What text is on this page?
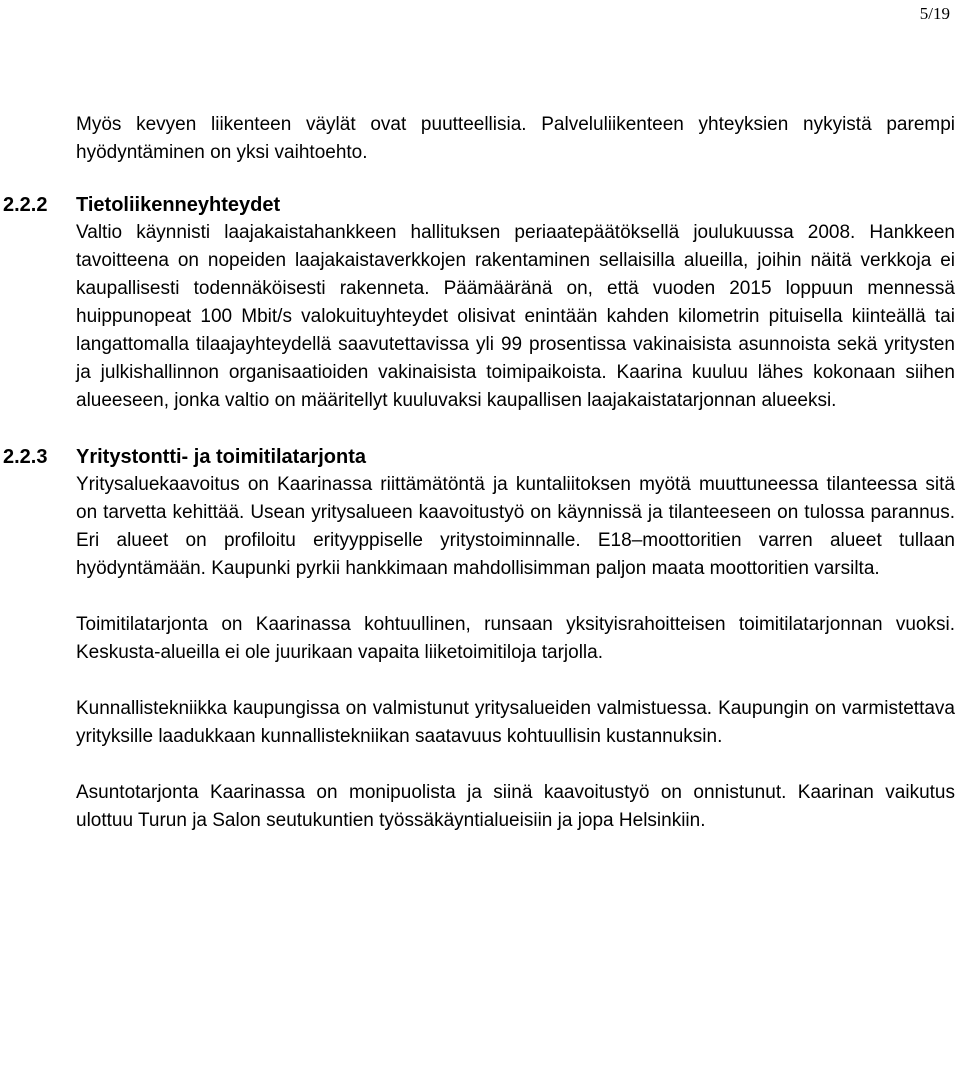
5/19

Myös kevyen liikenteen väylät ovat puutteellisia. Palveluliikenteen yhteyksien nykyistä parempi hyödyntäminen on yksi vaihtoehto.

2.2.2	Tietoliikenneyhteydet

Valtio käynnisti laajakaistahankkeen hallituksen periaatepäätöksellä joulukuussa 2008. Hankkeen tavoitteena on nopeiden laajakaistaverkkojen rakentaminen sellaisilla alueilla, joihin näitä verkkoja ei kaupallisesti todennäköisesti rakenneta. Päämääränä on, että vuoden 2015 loppuun mennessä huippunopeat 100 Mbit/s valokuituyhteydet olisivat enintään kahden kilometrin pituisella kiinteällä tai langattomalla tilaajayhteydellä saavutettavissa yli 99 prosentissa vakinaisista asunnoista sekä yritysten ja julkishallinnon organisaatioiden vakinaisista toimipaikoista. Kaarina kuuluu lähes kokonaan siihen alueeseen, jonka valtio on määritellyt kuuluvaksi kaupallisen laajakaistatarjonnan alueeksi.

2.2.3	Yritystontti- ja toimitilatarjonta

Yritysaluekaavoitus on Kaarinassa riittämätöntä ja kuntaliitoksen myötä muuttuneessa tilanteessa sitä on tarvetta kehittää. Usean yritysalueen kaavoitustyö on käynnissä ja tilanteeseen on tulossa parannus. Eri alueet on profiloitu erityyppiselle yritystoiminnalle. E18–moottoritien varren alueet tullaan hyödyntämään. Kaupunki pyrkii hankkimaan mahdollisimman paljon maata moottoritien varsilta.

Toimitilatarjonta on Kaarinassa kohtuullinen, runsaan yksityisrahoitteisen toimitilatarjonnan vuoksi. Keskusta-alueilla ei ole juurikaan vapaita liiketoimitiloja tarjolla.

Kunnallistekniikka kaupungissa on valmistunut yritysalueiden valmistuessa. Kaupungin on varmistettava yrityksille laadukkaan kunnallistekniikan saatavuus kohtuullisin kustannuksin.

Asuntotarjonta Kaarinassa on monipuolista ja siinä kaavoitustyö on onnistunut. Kaarinan vaikutus ulottuu Turun ja Salon seutukuntien työssäkäyntialueisiin ja jopa Helsinkiin.
